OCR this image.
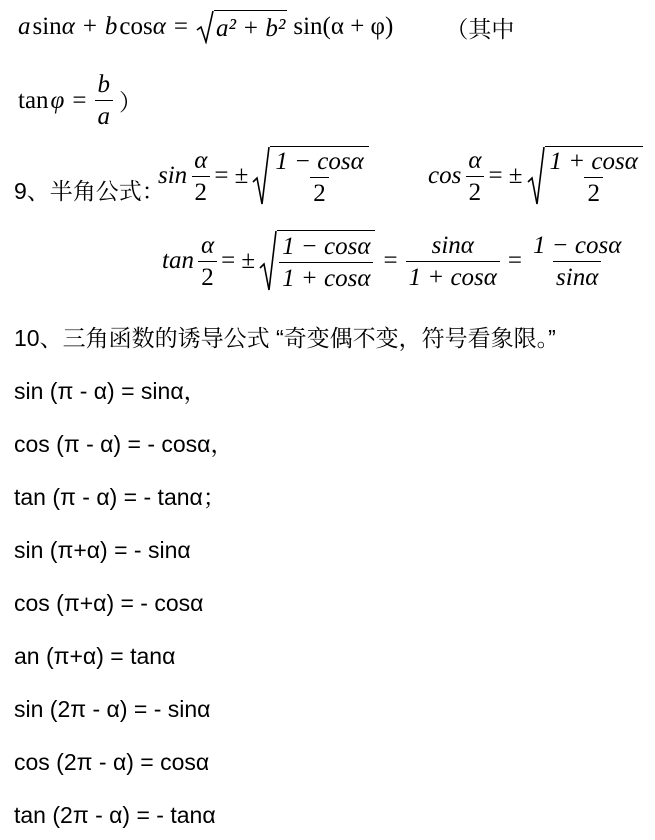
a sin α + b cos α = a² + b² sin(α + φ) （其中
$\tan \varphi = \frac{b}{a}$ ）
9、半角公式：
$\sin \frac{\alpha}{2}$ = ± $\frac{1 - \cos\alpha}{2}$ $\cos \frac{\alpha}{2}$ = ± $\frac{1 + \cos\alpha}{2}$
$\tan \frac{\alpha}{2}$ = ± $\frac{1 - \cos\alpha}{1 + \cos\alpha} = \frac{\sin\alpha}{1 + \cos\alpha} = \frac{1 - \cos\alpha}{\sin\alpha}$
10、三角函数的诱导公式 “奇变偶不变，符号看象限。”
sin (π - α) = sinα，
cos (π - α) = - cosα，
tan (π - α) = - tanα；
sin (π+α) = - sinα
cos (π+α) = - cosα
an (π+α) = tanα
sin (2π - α) = - sinα
cos (2π - α) = cosα
tan (2π - α) = - tanα
